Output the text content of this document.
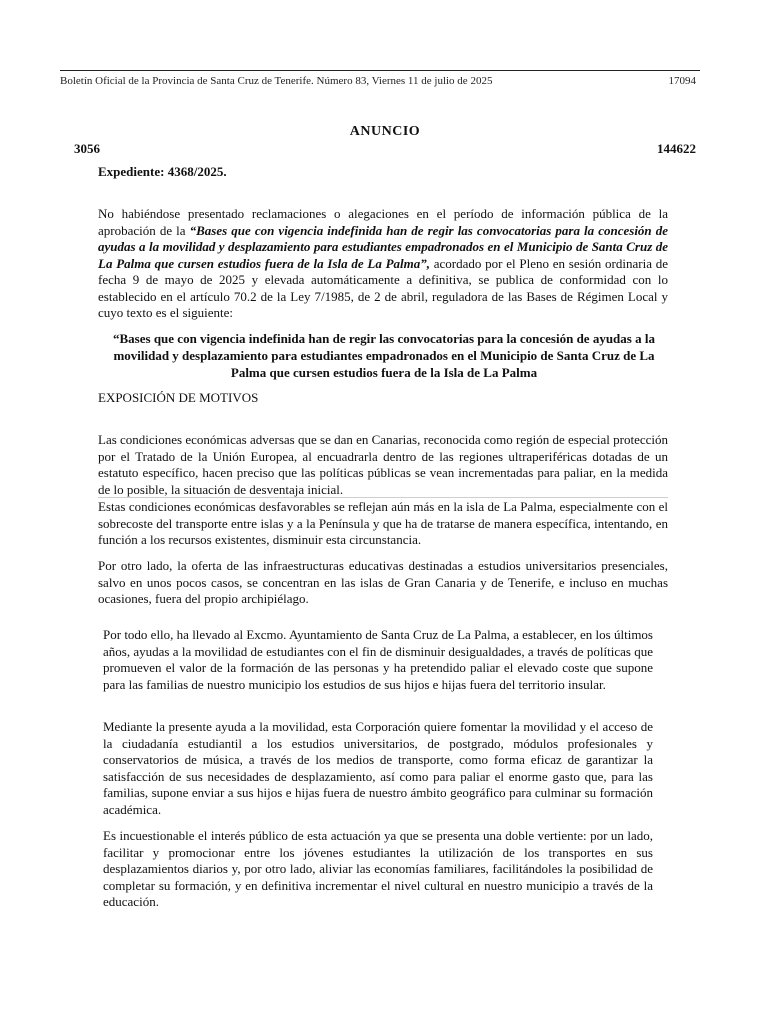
Boletín Oficial de la Provincia de Santa Cruz de Tenerife. Número 83, Viernes 11 de julio de 2025	17094
ANUNCIO
3056	144622
Expediente: 4368/2025.
No habiéndose presentado reclamaciones o alegaciones en el período de información pública de la aprobación de la “Bases que con vigencia indefinida han de regir las convocatorias para la concesión de ayudas a la movilidad y desplazamiento para estudiantes empadronados en el Municipio de Santa Cruz de La Palma que cursen estudios fuera de la Isla de La Palma”, acordado por el Pleno en sesión ordinaria de fecha 9 de mayo de 2025 y elevada automáticamente a definitiva, se publica de conformidad con lo establecido en el artículo 70.2 de la Ley 7/1985, de 2 de abril, reguladora de las Bases de Régimen Local y cuyo texto es el siguiente:
“Bases que con vigencia indefinida han de regir las convocatorias para la concesión de ayudas a la movilidad y desplazamiento para estudiantes empadronados en el Municipio de Santa Cruz de La Palma que cursen estudios fuera de la Isla de La Palma
EXPOSICIÓN DE MOTIVOS
Las condiciones económicas adversas que se dan en Canarias, reconocida como región de especial protección por el Tratado de la Unión Europea, al encuadrarla dentro de las regiones ultraperiféricas dotadas de un estatuto específico, hacen preciso que las políticas públicas se vean incrementadas para paliar, en la medida de lo posible, la situación de desventaja inicial.
Estas condiciones económicas desfavorables se reflejan aún más en la isla de La Palma, especialmente con el sobrecoste del transporte entre islas y a la Península y que ha de tratarse de manera específica, intentando, en función a los recursos existentes, disminuir esta circunstancia.
Por otro lado, la oferta de las infraestructuras educativas destinadas a estudios universitarios presenciales, salvo en unos pocos casos, se concentran en las islas de Gran Canaria y de Tenerife, e incluso en muchas ocasiones, fuera del propio archipiélago.
Por todo ello, ha llevado al Excmo. Ayuntamiento de Santa Cruz de La Palma, a establecer, en los últimos años, ayudas a la movilidad de estudiantes con el fin de disminuir desigualdades, a través de políticas que promueven el valor de la formación de las personas y ha pretendido paliar el elevado coste que supone para las familias de nuestro municipio los estudios de sus hijos e hijas fuera del territorio insular.
Mediante la presente ayuda a la movilidad, esta Corporación quiere fomentar la movilidad y el acceso de la ciudadanía estudiantil a los estudios universitarios, de postgrado, módulos profesionales y conservatorios de música, a través de los medios de transporte, como forma eficaz de garantizar la satisfacción de sus necesidades de desplazamiento, así como para paliar el enorme gasto que, para las familias, supone enviar a sus hijos e hijas fuera de nuestro ámbito geográfico para culminar su formación académica.
Es incuestionable el interés público de esta actuación ya que se presenta una doble vertiente: por un lado, facilitar y promocionar entre los jóvenes estudiantes la utilización de los transportes en sus desplazamientos diarios y, por otro lado, aliviar las economías familiares, facilitándoles la posibilidad de completar su formación, y en definitiva incrementar el nivel cultural en nuestro municipio a través de la educación.
